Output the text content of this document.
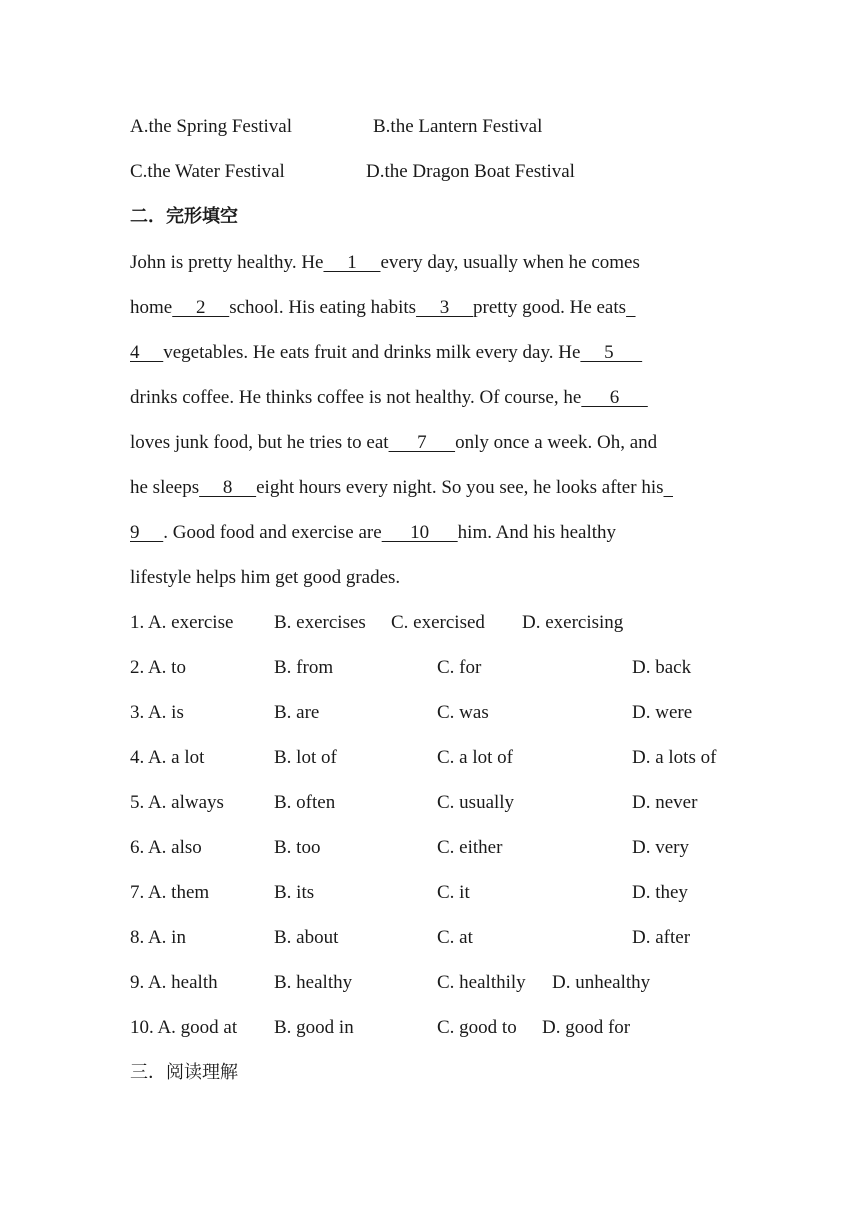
A.the Spring Festival	B.the Lantern Festival
C.the Water Festival	D.the Dragon Boat Festival
二．完形填空
John is pretty healthy. He     1     every day, usually when he comes
home     2     school. His eating habits     3     pretty good. He eats
4     vegetables. He eats fruit and drinks milk every day. He     5
drinks coffee. He thinks coffee is not healthy. Of course, he      6
loves junk food, but he tries to eat      7      only once a week. Oh, and
he sleeps     8     eight hours every night. So you see, he looks after his
9     . Good food and exercise are      10      him. And his healthy
lifestyle helps him get good grades.
1. A. exercise B. exercises C. exercised D. exercising
2. A. to	B. from	C. for	D. back
3. A. is	B. are	C. was	D. were
4. A. a lot	B. lot of	C. a lot of	D. a lots of
5. A. always	B. often	C. usually	D. never
6. A. also	B. too	C. either	D. very
7. A. them	B. its	C. it	D. they
8. A. in	B. about	C. at	D. after
9. A. health	B. healthy	C. healthily D. unhealthy
10. A. good at B. good in	C. good to D. good for
三．阅读理解
